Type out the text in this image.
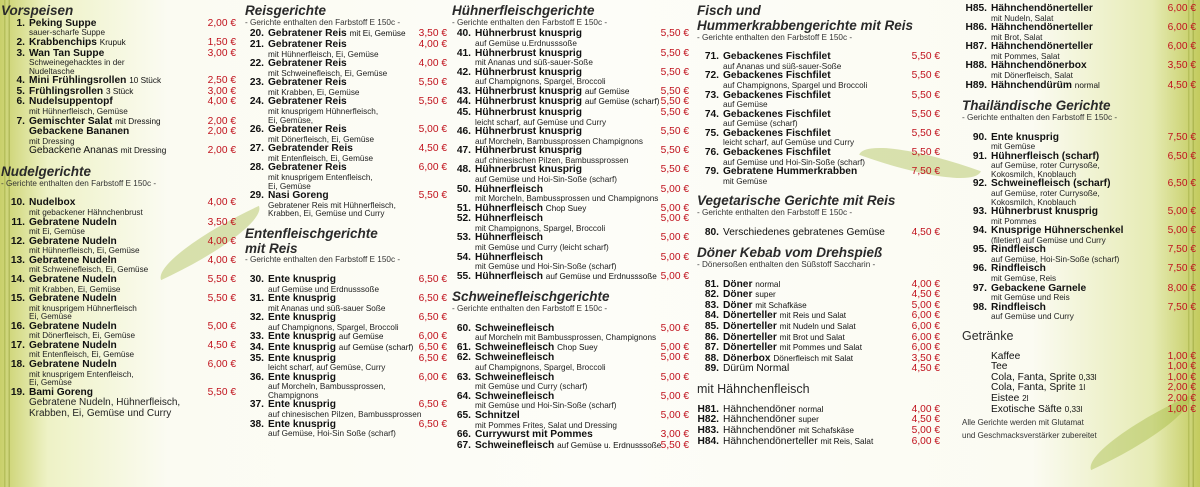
Vorspeisen
1. Peking Suppe	2,00 €
sauer-scharfe Suppe
2. Krabbenchips Krupuk	1,50 €
3. Wan Tan Suppe	3,00 €
Schweinegehacktes in der
Nudeltasche
4. Mini Frühlingsrollen 10 Stück	2,50 €
5. Frühlingsrollen 3 Stück	3,00 €
6. Nudelsuppentopf	4,00 €
mit Hühnerfleisch, Gemüse
7. Gemischter Salat mit Dressing	2,00 €
Gebackene Bananen	2,00 €
mit Dressing
Gebackene Ananas mit Dressing	2,00 €
Nudelgerichte
- Gerichte enthalten den Farbstoff E 150c -
10. Nudelbox	4,00 €
mit gebackener Hähnchenbrust
11. Gebratene Nudeln	3,50 €
mit Ei, Gemüse
12. Gebratene Nudeln	4,00 €
mit Hühnerfleisch, Ei, Gemüse
13. Gebratene Nudeln	4,00 €
mit Schweinefleisch, Ei, Gemüse
14. Gebratene Nudeln	5,50 €
mit Krabben, Ei, Gemüse
15. Gebratene Nudeln	5,50 €
mit knusprigem Hühnerfleisch
Ei, Gemüse
16. Gebratene Nudeln	5,00 €
mit Dönerfleisch, Ei, Gemüse
17. Gebratene Nudeln	4,50 €
mit Entenfleisch, Ei, Gemüse
18. Gebratene Nudeln	6,00 €
mit knusprigem Entenfleisch,
Ei, Gemüse
19. Bami Goreng	5,50 €
Gebratene Nudeln, Hühnerfleisch,
Krabben, Ei, Gemüse und Curry
Reisgerichte
- Gerichte enthalten den Farbstoff E 150c -
20. Gebratener Reis mit Ei, Gemüse 3,50 €
21. Gebratener Reis	4,00 €
mit Hühnerfleisch, Ei, Gemüse
22. Gebratener Reis	4,00 €
mit Schweinefleisch, Ei, Gemüse
23. Gebratener Reis	5,50 €
mit Krabben, Ei, Gemüse
24. Gebratener Reis	5,50 €
mit knusprigem Hühnerfleisch,
Ei, Gemüse,
26. Gebratener Reis	5,00 €
mit Dönerfleisch, Ei, Gemüse
27. Gebratender Reis	4,50 €
mit Entenfleisch, Ei, Gemüse
28. Gebratener Reis	6,00 €
mit knusprigem Entenfleisch,
Ei, Gemüse
29. Nasi Goreng	5,50 €
Gebratener Reis mit Hühnerfleisch,
Krabben, Ei, Gemüse und Curry
Entenfleischgerichte
mit Reis
- Gerichte enthalten den Farbstoff E 150c -
30. Ente knusprig	6,50 €
auf Gemüse und Erdnusssoße
31. Ente knusprig	6,50 €
mit Ananas und süß-sauer Soße
32. Ente knusprig	6,50 €
auf Champignons, Spargel, Broccoli
33. Ente knusprig auf Gemüse	6,00 €
34. Ente knusprig auf Gemüse (scharf) 6,50 €
35. Ente knusprig	6,50 €
leicht scharf, auf Gemüse, Curry
36. Ente knusprig	6,00 €
auf Morcheln, Bambussprossen,
Champignons
37. Ente knusprig	6,50 €
auf chinesischen Pilzen, Bambussprossen
38. Ente knusprig	6,50 €
auf Gemüse, Hoi-Sin Soße (scharf)
Hühnerfleischgerichte
- Gerichte enthalten den Farbstoff E 150c -
40. Hühnerbrust knusprig	5,50 €
auf Gemüse u.Erdnusssoße
41. Hühnerbrust knusprig	5,50 €
mit Ananas und süß-sauer-Soße
42. Hühnerbrust knusprig	5,50 €
auf Champignons, Spargel, Broccoli
43. Hühnerbrust knusprig auf Gemüse	5,50 €
44. Hühnerbrust knusprig auf Gemüse (scharf) 5,50 €
45. Hühnerbrust knusprig	5,50 €
leicht scharf, auf Gemüse und Curry
46. Hühnerbrust knusprig	5,50 €
auf Morcheln, Bambussprossen Champignons
47. Hühnerbrust knusprig	5,50 €
auf chinesischen Pilzen, Bambussprossen
48. Hühnerbrust knusprig	5,50 €
auf Gemüse und Hoi-Sin-Soße (scharf)
50. Hühnerfleisch	5,00 €
mit Morcheln, Bambussprossen und Champignons
51. Hühnerfleisch Chop Suey	5,00 €
52. Hühnerfleisch	5,00 €
mit Champignons, Spargel, Broccoli
53. Hühnerfleisch	5,00 €
mit Gemüse und Curry (leicht scharf)
54. Hühnerfleisch	5,00 €
mit Gemüse und Hoi-Sin-Soße (scharf)
55. Hühnerfleisch auf Gemüse und Erdnusssoße 5,00 €
Schweinefleischgerichte
- Gerichte enthalten den Farbstoff E 150c -
60. Schweinefleisch	5,00 €
auf Morcheln mit Bambussprossen, Champignons
61. Schweinefleisch Chop Suey	5,00 €
62. Schweinefleisch	5,00 €
auf Champignons, Spargel, Broccoli
63. Schweinefleisch	5,00 €
mit Gemüse und Curry (scharf)
64. Schweinefleisch	5,00 €
mit Gemüse und Hoi-Sin-Soße (scharf)
65. Schnitzel	5,00 €
mit Pommes Frites, Salat und Dressing
66. Currywurst mit Pommes	3,00 €
67. Schweinefleisch auf Gemüse u. Erdnusssoße 5,50 €
Fisch und
Hummerkrabbengerichte mit Reis
- Gerichte enthalten den Farbstoff E 150c -
71. Gebackenes Fischfilet	5,50 €
auf Ananas und süß-sauer-Soße
72. Gebackenes Fischfilet	5,50 €
auf Champignons, Spargel und Broccoli
73. Gebackenes Fischfilet	5,50 €
auf Gemüse
74. Gebackenes Fischfilet	5,50 €
auf Gemüse (scharf)
75. Gebackenes Fischfilet	5,50 €
leicht scharf, auf Gemüse und Curry
76. Gebackenes Fischfilet	5,50 €
auf Gemüse und Hoi-Sin-Soße (scharf)
79. Gebratene Hummerkrabben	7,50 €
mit Gemüse
Vegetarische Gerichte mit Reis
- Gerichte enthalten den Farbstoff E 150c -
80. Verschiedenes gebratenes Gemüse	4,50 €
Döner Kebab vom Drehspieß
- Dönersoßen enthalten den Süßstoff Saccharin -
81. Döner normal	4,00 €
82. Döner super	4,50 €
83. Döner mit Schafkäse	5,00 €
84. Dönerteller mit Reis und Salat	6,00 €
85. Dönerteller mit Nudeln und Salat	6,00 €
86. Dönerteller mit Brot und Salat	6,00 €
87. Dönerteller mit Pommes und Salat	6,00 €
88. Dönerbox Dönerfleisch mit Salat	3,50 €
89. Dürüm Normal	4,50 €
mit Hähnchenfleisch
H81. Hähnchendöner normal	4,00 €
H82. Hähnchendöner super	4,50 €
H83. Hähnchendöner mit Schafskäse	5,00 €
H84. Hähnchendönerteller mit Reis, Salat	6,00 €
H85. Hähnchendönerteller	6,00 €
mit Nudeln, Salat
H86. Hähnchendönerteller	6,00 €
mit Brot, Salat
H87. Hähnchendönerteller	6,00 €
mit Pommes, Salat
H88. Hähnchendönerbox	3,50 €
mit Dönerfleisch, Salat
H89. Hähnchendürüm normal	4,50 €
Thailändische Gerichte
- Gerichte enthalten den Farbstoff E 150c -
90. Ente knusprig	7,50 €
mit Gemüse
91. Hühnerfleisch (scharf)	6,50 €
auf Gemüse, roter Currysoße,
Kokosmilch, Knoblauch
92. Schweinefleisch (scharf)	6,50 €
auf Gemüse, roter Currysoße,
Kokosmilch, Knoblauch
93. Hühnerbrust knusprig	5,00 €
mit Pommes
94. Knusprige Hühnerschenkel	5,00 €
(filetiert) auf Gemüse und Curry
95. Rindfleisch	7,50 €
auf Gemüse, Hoi-Sin-Soße (scharf)
96. Rindfleisch	7,50 €
mit Gemüse, Reis
97. Gebackene Garnele	8,00 €
mit Gemüse und Reis
98. Rindfleisch	7,50 €
auf Gemüse und Curry
Getränke
Kaffee	1,00 €
Tee	1,00 €
Cola, Fanta, Sprite 0,33l	1,00 €
Cola, Fanta, Sprite 1l	2,00 €
Eistee 2l	2,00 €
Exotische Säfte 0,33l	1,00 €
Alle Gerichte werden mit Glutamat
und Geschmacksverstärker zubereitet
